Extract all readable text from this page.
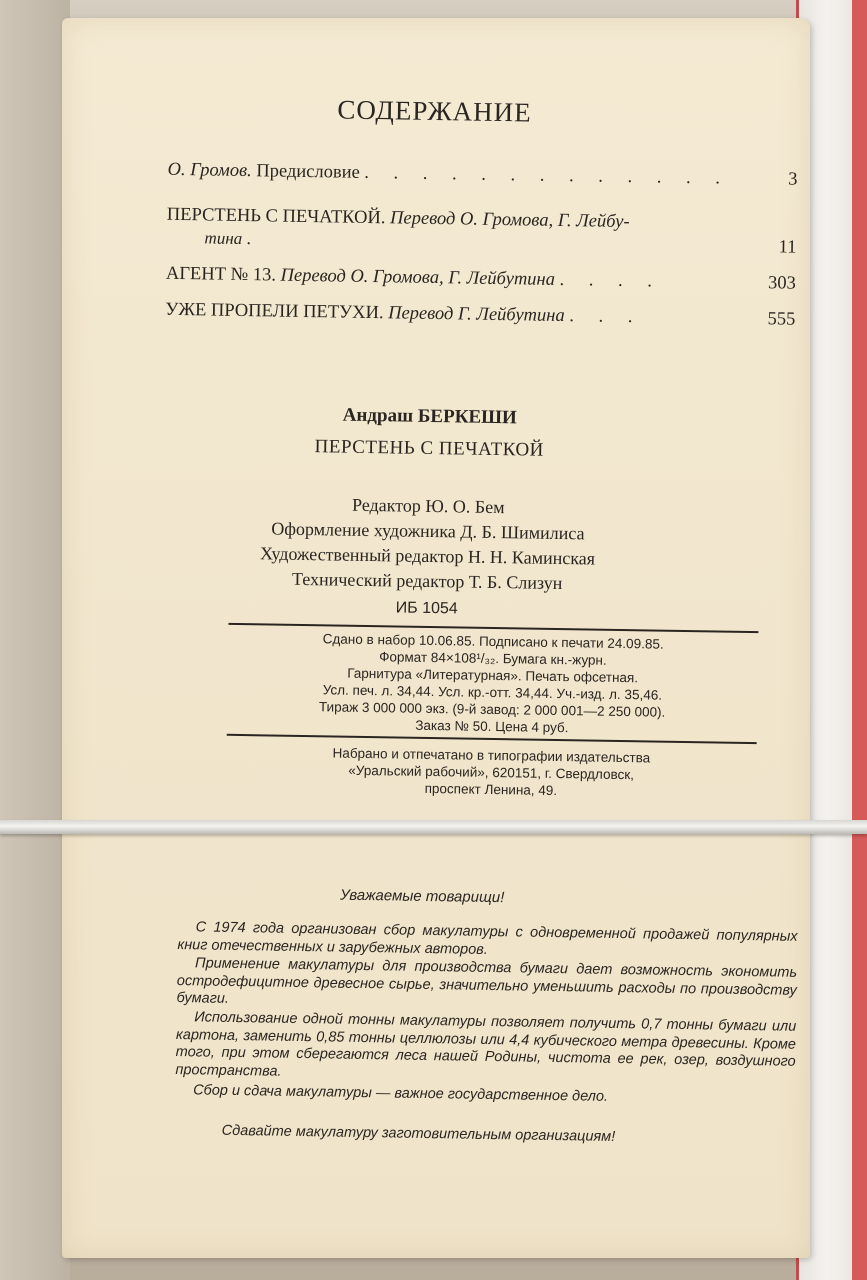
СОДЕРЖАНИЕ
О. Громов. Предисловие . . . . . . . . . . . . .	3
ПЕРСТЕНЬ С ПЕЧАТКОЙ. Перевод О. Громова, Г. Лейбу-
тина .	11
АГЕНТ № 13. Перевод О. Громова, Г. Лейбутина . . . .	303
УЖЕ ПРОПЕЛИ ПЕТУХИ. Перевод Г. Лейбутина . . .	555
Андраш БЕРКЕШИ
ПЕРСТЕНЬ С ПЕЧАТКОЙ
Редактор Ю. О. Бем
Оформление художника Д. Б. Шимилиса
Художественный редактор Н. Н. Каминская
Технический редактор Т. Б. Слизун
ИБ 1054
Сдано в набор 10.06.85. Подписано к печати 24.09.85.
Формат 84×108¹/₃₂. Бумага кн.-журн.
Гарнитура «Литературная». Печать офсетная.
Усл. печ. л. 34,44. Усл. кр.-отт. 34,44. Уч.-изд. л. 35,46.
Тираж 3 000 000 экз. (9-й завод: 2 000 001—2 250 000).
Заказ № 50. Цена 4 руб.
Набрано и отпечатано в типографии издательства
«Уральский рабочий», 620151, г. Свердловск,
проспект Ленина, 49.
Уважаемые товарищи!
С 1974 года организован сбор макулатуры с одновременной продажей популярных книг отечественных и зарубежных авторов.
Применение макулатуры для производства бумаги дает возможность экономить остродефицитное древесное сырье, значительно уменьшить расходы по производству бумаги.
Использование одной тонны макулатуры позволяет получить 0,7 тонны бумаги или картона, заменить 0,85 тонны целлюлозы или 4,4 кубического метра древесины. Кроме того, при этом сберегаются леса нашей Родины, чистота ее рек, озер, воздушного пространства.
Сбор и сдача макулатуры — важное государственное дело.
Сдавайте макулатуру заготовительным организациям!
